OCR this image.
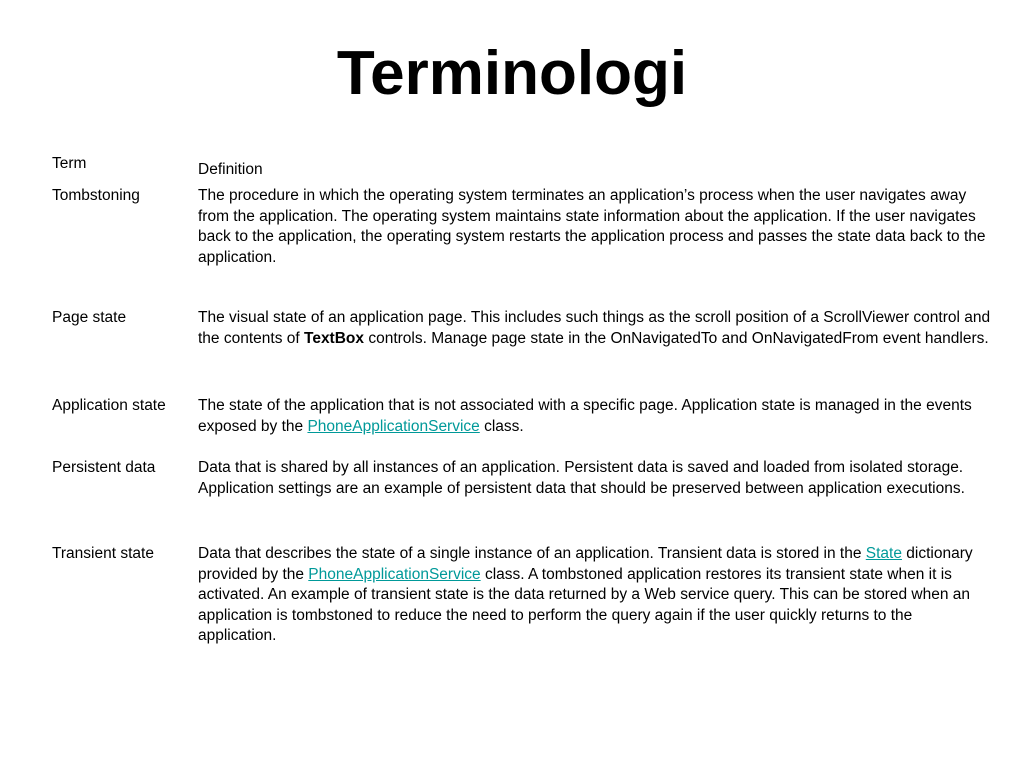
Terminologi
Term	Definition
Tombstoning	The procedure in which the operating system terminates an application’s process when the user navigates away from the application. The operating system maintains state information about the application. If the user navigates back to the application, the operating system restarts the application process and passes the state data back to the application.
Page state	The visual state of an application page. This includes such things as the scroll position of a ScrollViewer control and the contents of TextBox controls. Manage page state in the OnNavigatedTo and OnNavigatedFrom event handlers.
Application state	The state of the application that is not associated with a specific page. Application state is managed in the events exposed by the PhoneApplicationService class.
Persistent data	Data that is shared by all instances of an application. Persistent data is saved and loaded from isolated storage. Application settings are an example of persistent data that should be preserved between application executions.
Transient state	Data that describes the state of a single instance of an application. Transient data is stored in the State dictionary provided by the PhoneApplicationService class. A tombstoned application restores its transient state when it is activated. An example of transient state is the data returned by a Web service query. This can be stored when an application is tombstoned to reduce the need to perform the query again if the user quickly returns to the application.
